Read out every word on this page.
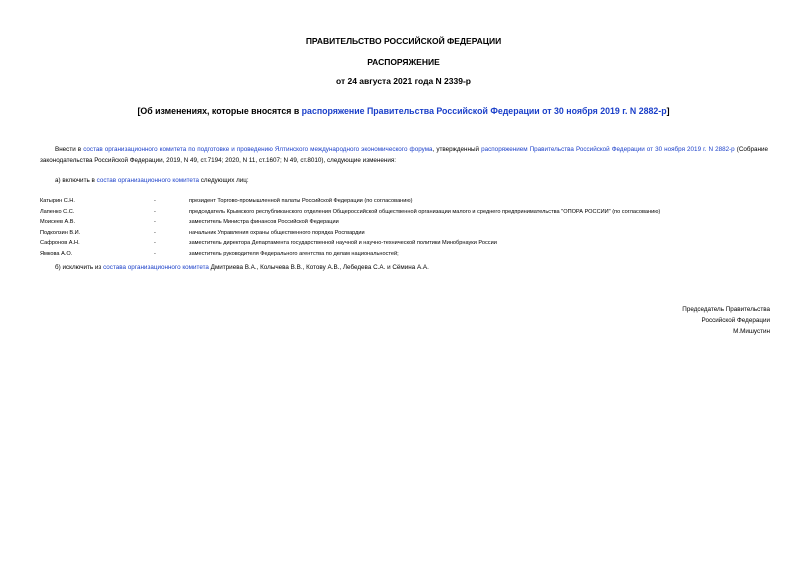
ПРАВИТЕЛЬСТВО РОССИЙСКОЙ ФЕДЕРАЦИИ
РАСПОРЯЖЕНИЕ
от 24 августа 2021 года N 2339-р
[Об изменениях, которые вносятся в распоряжение Правительства Российской Федерации от 30 ноября 2019 г. N 2882-р]
Внести в состав организационного комитета по подготовке и проведению Ялтинского международного экономического форума, утвержденный распоряжением Правительства Российской Федерации от 30 ноября 2019 г. N 2882-р (Собрание законодательства Российской Федерации, 2019, N 49, ст.7194; 2020, N 11, ст.1607; N 49, ст.8010), следующие изменения:
а) включить в состав организационного комитета следующих лиц:
Катырин С.Н.	-	президент Торгово-промышленной палаты Российской Федерации (по согласованию)
Лапенко С.С.	-	председатель Крымского республиканского отделения Общероссийской общественной организации малого и среднего предпринимательства "ОПОРА РОССИИ" (по согласованию)
Моисеев А.В.	-	заместитель Министра финансов Российской Федерации
Подколзин В.И.	-	начальник Управления охраны общественного порядка Росгвардии
Сафронов А.Н.	-	заместитель директора Департамента государственной научной и научно-технической политики Минобрнауки России
Ямкова А.О.	-	заместитель руководителя Федерального агентства по делам национальностей;
б) исключить из состава организационного комитета Дмитриева В.А., Колычева В.В., Котову А.В., Лебедева С.А. и Сёмина А.А.
Председатель Правительства
Российской Федерации
М.Мишустин
